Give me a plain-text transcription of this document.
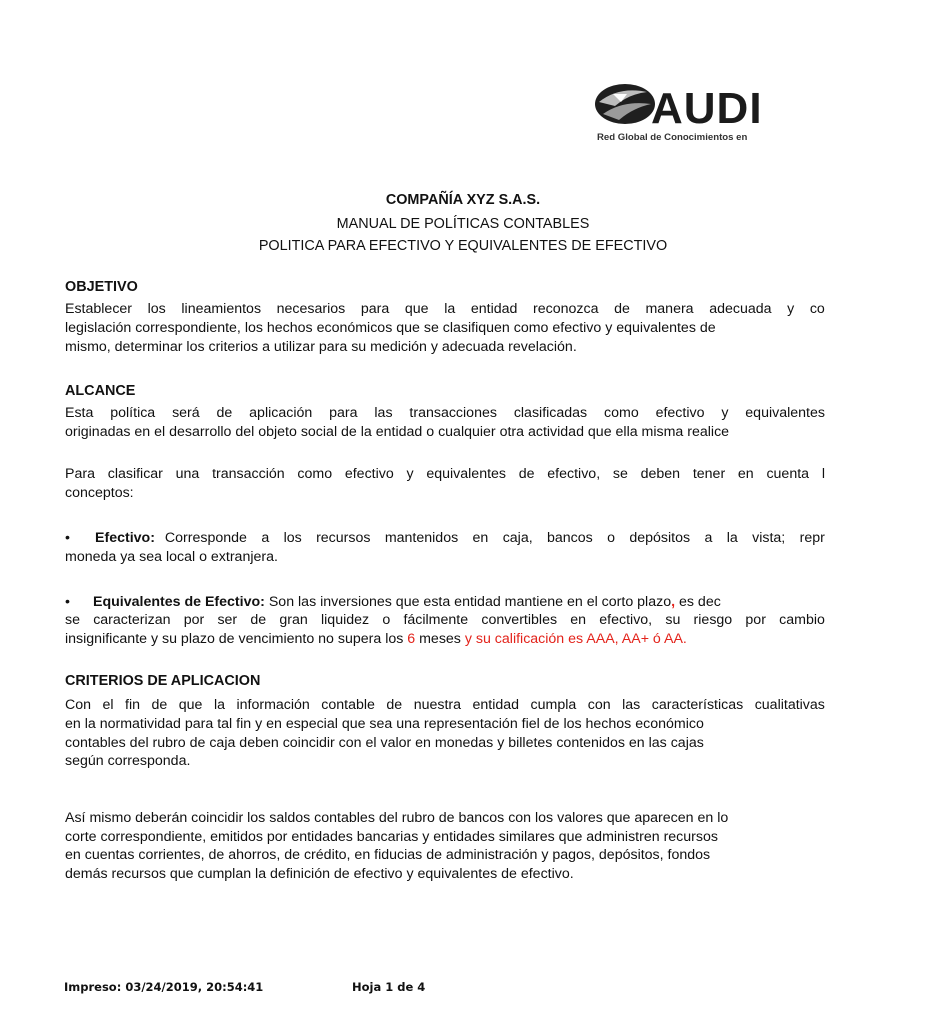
AUDI
Red Global de Conocimientos en
COMPAÑÍA XYZ S.A.S.
MANUAL DE POLÍTICAS CONTABLES
POLITICA PARA EFECTIVO Y EQUIVALENTES DE EFECTIVO
OBJETIVO
Establecer los lineamientos necesarios para que la entidad reconozca de manera adecuada y co
legislación correspondiente, los hechos económicos que se clasifiquen como efectivo y equivalentes de
mismo, determinar los criterios a utilizar para su medición y adecuada revelación.
ALCANCE
Esta política será de aplicación para las transacciones clasificadas como efectivo y equivalentes
originadas en el desarrollo del objeto social de la entidad o cualquier otra actividad que ella misma realice
Para clasificar una transacción como efectivo y equivalentes de efectivo, se deben tener en cuenta l
conceptos:
•	Efectivo: Corresponde a los recursos mantenidos en caja, bancos o depósitos a la vista; repr
moneda ya sea local o extranjera.
• Equivalentes de Efectivo: Son las inversiones que esta entidad mantiene en el corto plazo, es dec
se caracterizan por ser de gran liquidez o fácilmente convertibles en efectivo, su riesgo por cambio
insignificante y su plazo de vencimiento no supera los 6 meses y su calificación es AAA, AA+ ó AA.
CRITERIOS DE APLICACION
Con el fin de que la información contable de nuestra entidad cumpla con las características cualitativas
en la normatividad para tal fin y en especial que sea una representación fiel de los hechos económico
contables del rubro de caja deben coincidir con el valor en monedas y billetes contenidos en las cajas
según corresponda.
Así mismo deberán coincidir los saldos contables del rubro de bancos con los valores que aparecen en lo
corte correspondiente, emitidos por entidades bancarias y entidades similares que administren recursos
en cuentas corrientes, de ahorros, de crédito, en fiducias de administración y pagos, depósitos, fondos
demás recursos que cumplan la definición de efectivo y equivalentes de efectivo.
Impreso: 03/24/2019, 20:54:41	Hoja 1 de 4
